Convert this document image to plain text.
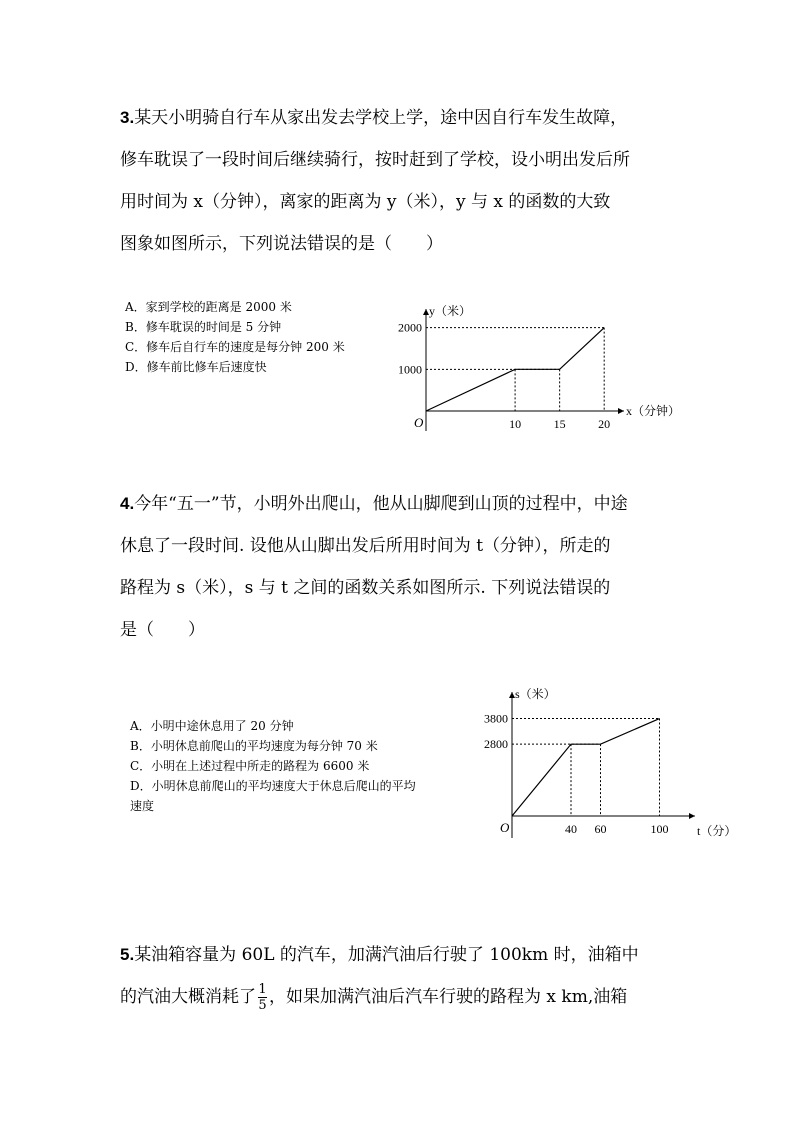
3.某天小明骑自行车从家出发去学校上学，途中因自行车发生故障，
修车耽误了一段时间后继续骑行，按时赶到了学校，设小明出发后所
用时间为 x（分钟），离家的距离为 y（米），y 与 x 的函数的大致
图象如图所示，下列说法错误的是（　　）
A．家到学校的距离是 2000 米
B．修车耽误的时间是 5 分钟
C．修车后自行车的速度是每分钟 200 米
D．修车前比修车后速度快
10	15	20
1000
2000
O
x（分钟）
y（米）
4.今年“五一”节，小明外出爬山，他从山脚爬到山顶的过程中，中途
休息了一段时间. 设他从山脚出发后所用时间为 t（分钟），所走的
路程为 s（米），s 与 t 之间的函数关系如图所示. 下列说法错误的
是（　　）
A．小明中途休息用了 20 分钟
B．小明休息前爬山的平均速度为每分钟 70 米
C．小明在上述过程中所走的路程为 6600 米
D．小明休息前爬山的平均速度大于休息后爬山的平均
速度
40 60	100
2800
3800
O	t（分）
s（米）
5.某油箱容量为 60L 的汽车，加满汽油后行驶了 100km 时，油箱中
的汽油大概消耗了 $\frac{1}{5}$ ，如果加满汽油后汽车行驶的路程为 x km,油箱
